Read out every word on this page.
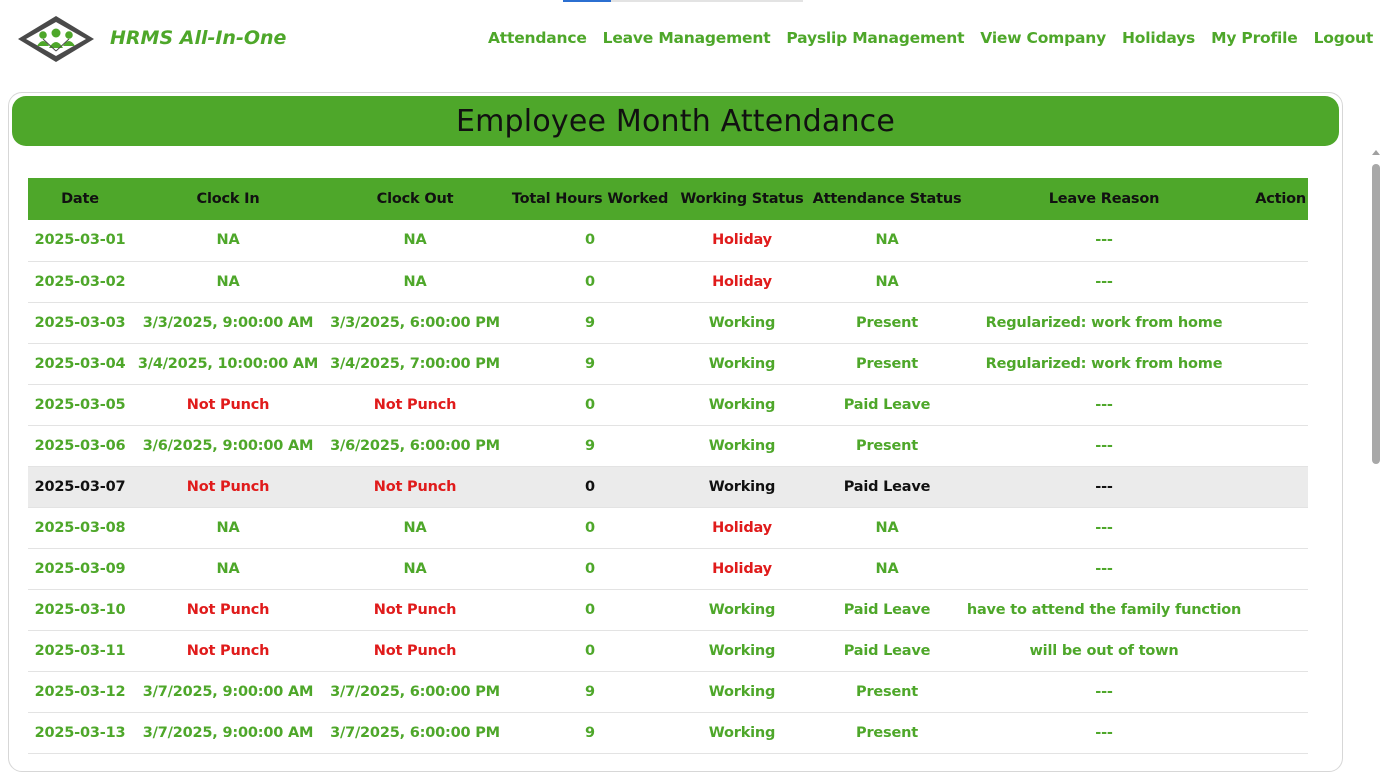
HRMS All-In-One	Attendance Leave Management Payslip Management View Company Holidays My Profile Logout
Employee Month Attendance
Date	Clock In	Clock Out	Total Hours Worked	Working Status	Attendance Status	Leave Reason	Action
2025-03-01	NA	NA	0	Holiday	NA	---	
2025-03-02	NA	NA	0	Holiday	NA	---	
2025-03-03	3/3/2025, 9:00:00 AM	3/3/2025, 6:00:00 PM	9	Working	Present	Regularized: work from home	
2025-03-04	3/4/2025, 10:00:00 AM	3/4/2025, 7:00:00 PM	9	Working	Present	Regularized: work from home	
2025-03-05	Not Punch	Not Punch	0	Working	Paid Leave	---	
2025-03-06	3/6/2025, 9:00:00 AM	3/6/2025, 6:00:00 PM	9	Working	Present	---	
2025-03-07	Not Punch	Not Punch	0	Working	Paid Leave	---	
2025-03-08	NA	NA	0	Holiday	NA	---	
2025-03-09	NA	NA	0	Holiday	NA	---	
2025-03-10	Not Punch	Not Punch	0	Working	Paid Leave	have to attend the family function	
2025-03-11	Not Punch	Not Punch	0	Working	Paid Leave	will be out of town	
2025-03-12	3/7/2025, 9:00:00 AM	3/7/2025, 6:00:00 PM	9	Working	Present	---	
2025-03-13	3/7/2025, 9:00:00 AM	3/7/2025, 6:00:00 PM	9	Working	Present	---	
